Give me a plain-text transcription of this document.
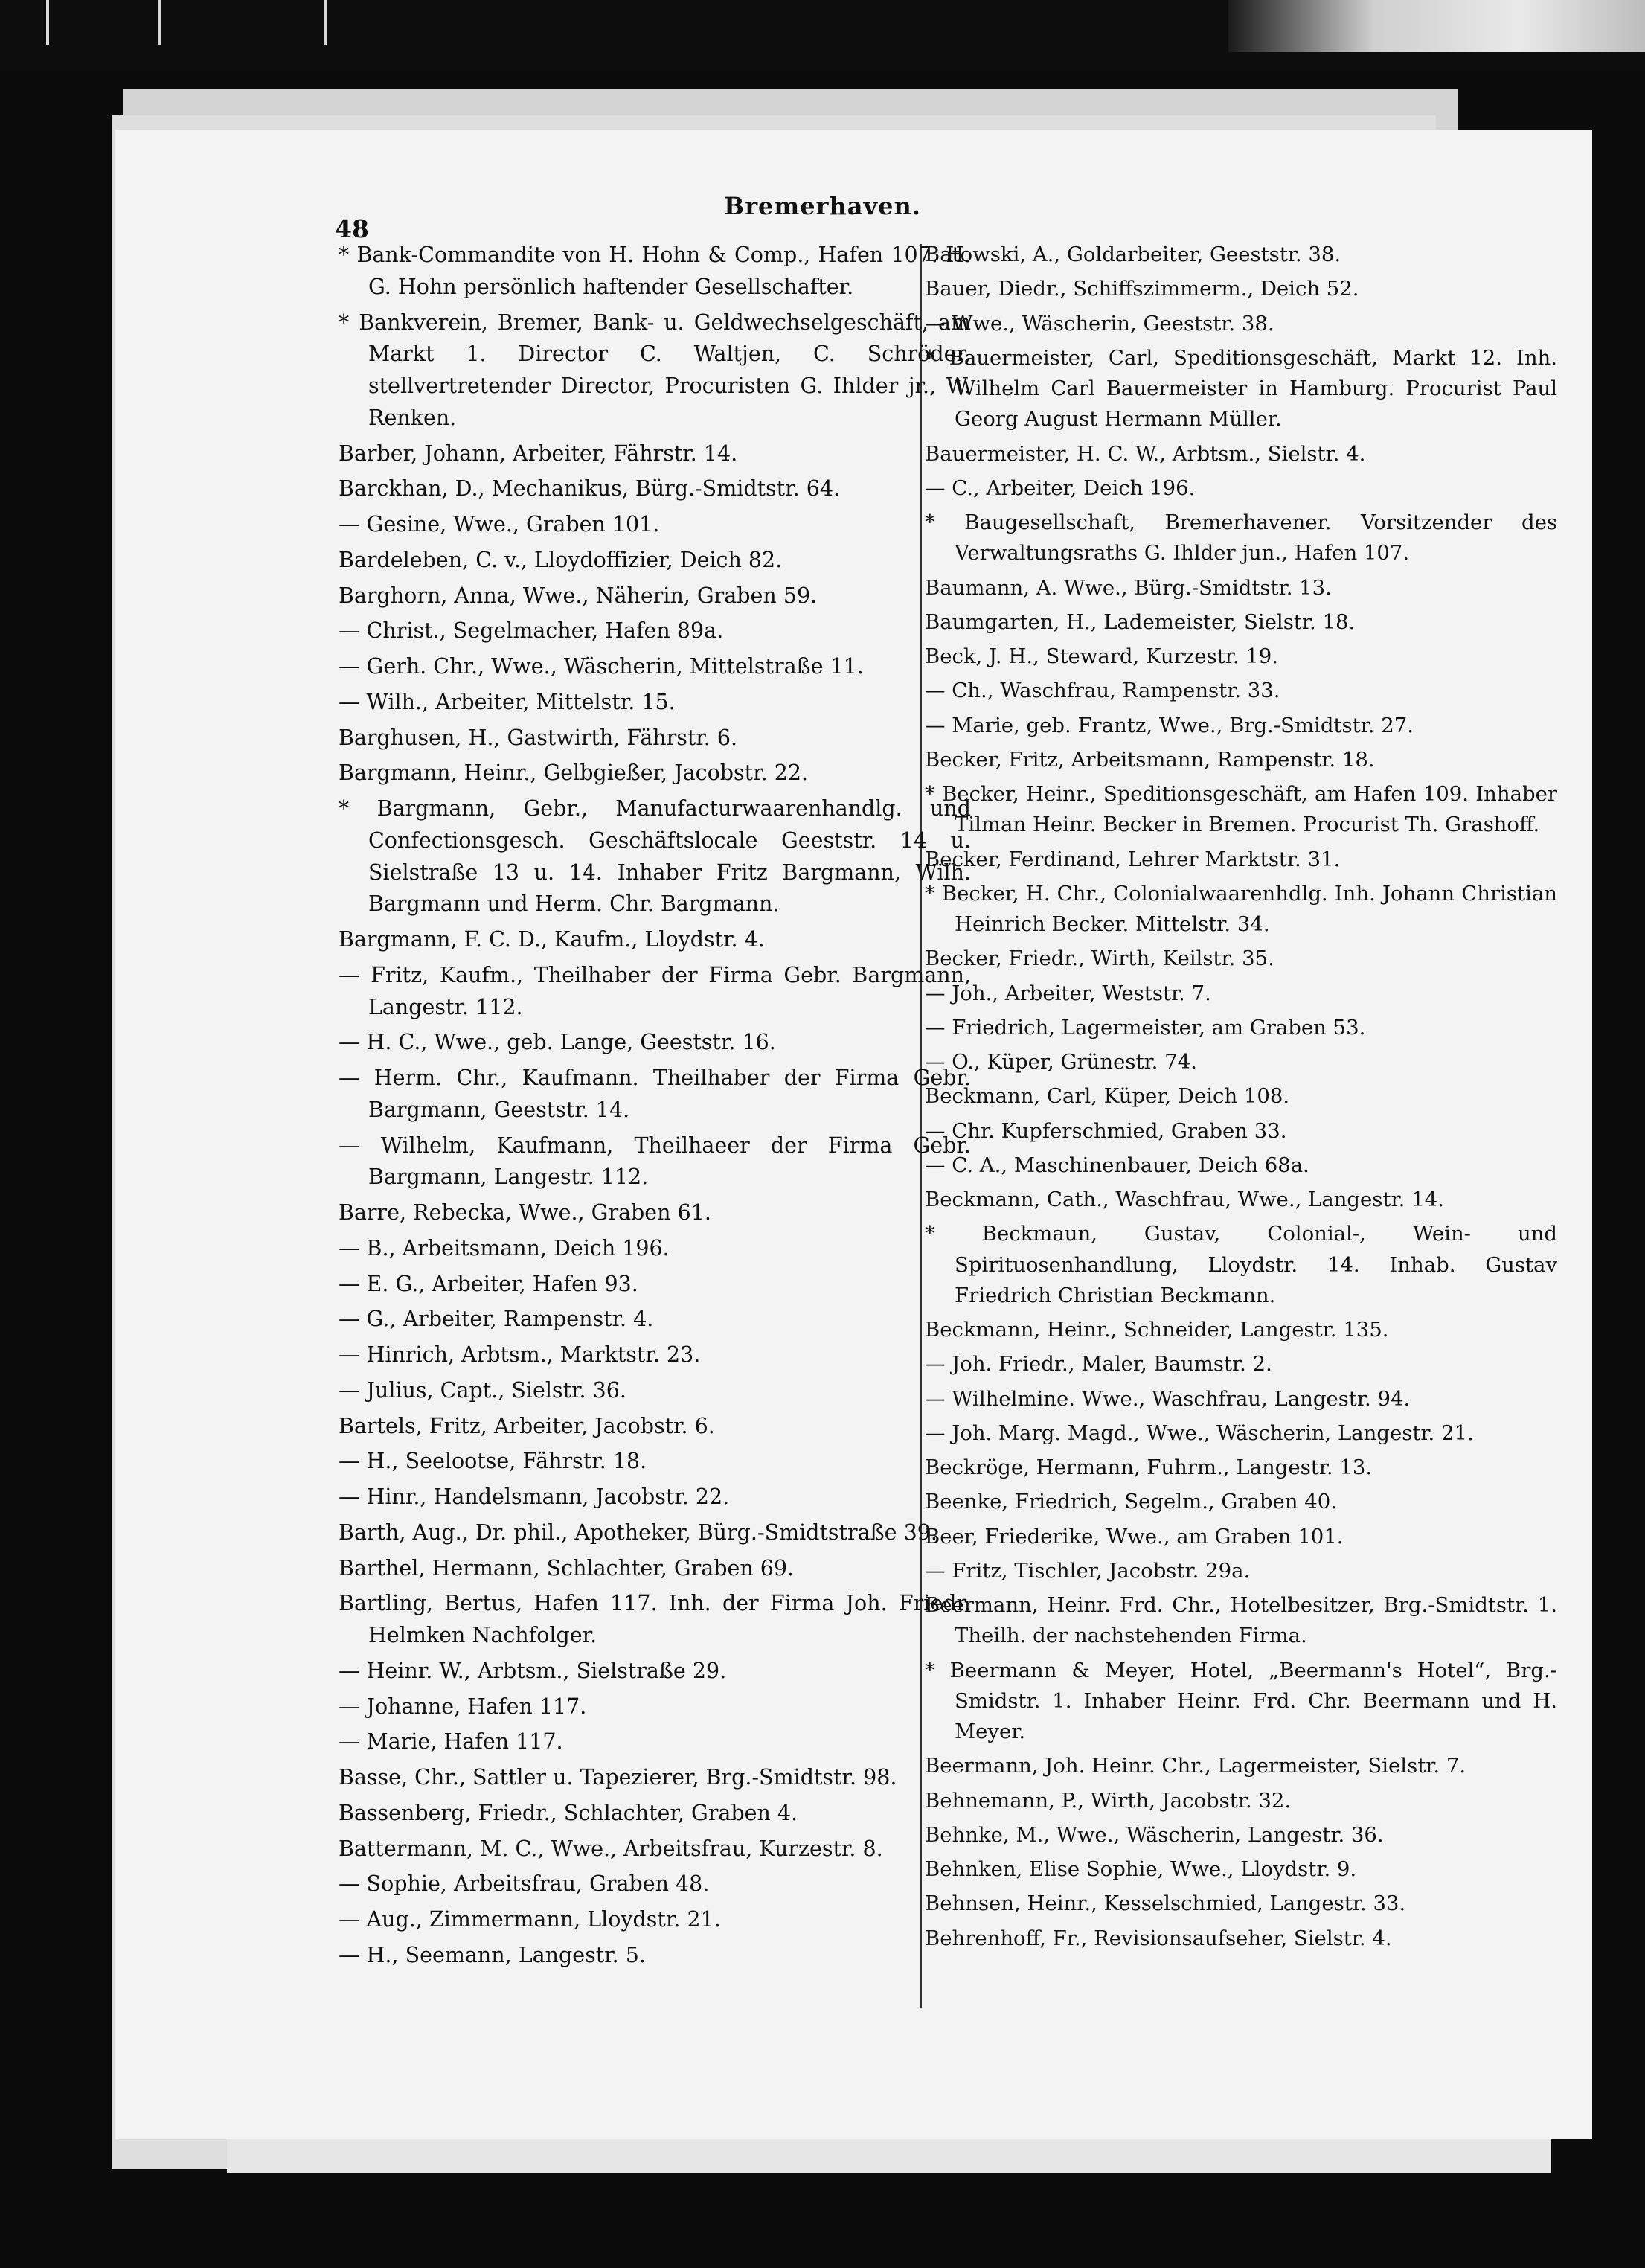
Bremerhaven.
48

* Bank-Commandite von H. Hohn & Comp., Hafen 107. H. G. Hohn persönlich haftender Gesellschafter.

* Bankverein, Bremer, Bank- u. Geldwechselgeschäft, am Markt 1. Director C. Waltjen, C. Schröder, stellvertretender Director, Procuristen G. Ihlder jr., W. Renken.

Barber, Johann, Arbeiter, Fährstr. 14.

Barckhan, D., Mechanikus, Bürg.-Smidtstr. 64.

— Gesine, Wwe., Graben 101.

Bardeleben, C. v., Lloydoffizier, Deich 82.

Barghorn, Anna, Wwe., Näherin, Graben 59.

— Christ., Segelmacher, Hafen 89a.

— Gerh. Chr., Wwe., Wäscherin, Mittelstraße 11.

— Wilh., Arbeiter, Mittelstr. 15.

Barghusen, H., Gastwirth, Fährstr. 6.

Bargmann, Heinr., Gelbgießer, Jacobstr. 22.

* Bargmann, Gebr., Manufacturwaarenhandlg. und Confectionsgesch. Geschäftslocale Geeststr. 14 u. Sielstraße 13 u. 14. Inhaber Fritz Bargmann, Wilh. Bargmann und Herm. Chr. Bargmann.

Bargmann, F. C. D., Kaufm., Lloydstr. 4.

— Fritz, Kaufm., Theilhaber der Firma Gebr. Bargmann, Langestr. 112.

— H. C., Wwe., geb. Lange, Geeststr. 16.

— Herm. Chr., Kaufmann. Theilhaber der Firma Gebr. Bargmann, Geeststr. 14.

— Wilhelm, Kaufmann, Theilhaeer der Firma Gebr. Bargmann, Langestr. 112.

Barre, Rebecka, Wwe., Graben 61.

— B., Arbeitsmann, Deich 196.

— E. G., Arbeiter, Hafen 93.

— G., Arbeiter, Rampenstr. 4.

— Hinrich, Arbtsm., Marktstr. 23.

— Julius, Capt., Sielstr. 36.

Bartels, Fritz, Arbeiter, Jacobstr. 6.

— H., Seelootse, Fährstr. 18.

— Hinr., Handelsmann, Jacobstr. 22.

Barth, Aug., Dr. phil., Apotheker, Bürg.-Smidtstraße 39.

Barthel, Hermann, Schlachter, Graben 69.

Bartling, Bertus, Hafen 117. Inh. der Firma Joh. Friedr. Helmken Nachfolger.

— Heinr. W., Arbtsm., Sielstraße 29.

— Johanne, Hafen 117.

— Marie, Hafen 117.

Basse, Chr., Sattler u. Tapezierer, Brg.-Smidtstr. 98.

Bassenberg, Friedr., Schlachter, Graben 4.

Battermann, M. C., Wwe., Arbeitsfrau, Kurzestr. 8.

— Sophie, Arbeitsfrau, Graben 48.

— Aug., Zimmermann, Lloydstr. 21.

— H., Seemann, Langestr. 5.

Batowski, A., Goldarbeiter, Geeststr. 38.

Bauer, Diedr., Schiffszimmerm., Deich 52.

— Wwe., Wäscherin, Geeststr. 38.

* Bauermeister, Carl, Speditionsgeschäft, Markt 12. Inh. Wilhelm Carl Bauermeister in Hamburg. Procurist Paul Georg August Hermann Müller.

Bauermeister, H. C. W., Arbtsm., Sielstr. 4.

— C., Arbeiter, Deich 196.

* Baugesellschaft, Bremerhavener. Vorsitzender des Verwaltungsraths G. Ihlder jun., Hafen 107.

Baumann, A. Wwe., Bürg.-Smidtstr. 13.

Baumgarten, H., Lademeister, Sielstr. 18.

Beck, J. H., Steward, Kurzestr. 19.

— Ch., Waschfrau, Rampenstr. 33.

— Marie, geb. Frantz, Wwe., Brg.-Smidtstr. 27.

Becker, Fritz, Arbeitsmann, Rampenstr. 18.

* Becker, Heinr., Speditionsgeschäft, am Hafen 109. Inhaber Tilman Heinr. Becker in Bremen. Procurist Th. Grashoff.

Becker, Ferdinand, Lehrer Marktstr. 31.

* Becker, H. Chr., Colonialwaarenhdlg. Inh. Johann Christian Heinrich Becker. Mittelstr. 34.

Becker, Friedr., Wirth, Keilstr. 35.

— Joh., Arbeiter, Weststr. 7.

— Friedrich, Lagermeister, am Graben 53.

— O., Küper, Grünestr. 74.

Beckmann, Carl, Küper, Deich 108.

— Chr. Kupferschmied, Graben 33.

— C. A., Maschinenbauer, Deich 68a.

Beckmann, Cath., Waschfrau, Wwe., Langestr. 14.

* Beckmaun, Gustav, Colonial-, Wein- und Spirituosenhandlung, Lloydstr. 14. Inhab. Gustav Friedrich Christian Beckmann.

Beckmann, Heinr., Schneider, Langestr. 135.

— Joh. Friedr., Maler, Baumstr. 2.

— Wilhelmine. Wwe., Waschfrau, Langestr. 94.

— Joh. Marg. Magd., Wwe., Wäscherin, Langestr. 21.

Beckröge, Hermann, Fuhrm., Langestr. 13.

Beenke, Friedrich, Segelm., Graben 40.

Beer, Friederike, Wwe., am Graben 101.

— Fritz, Tischler, Jacobstr. 29a.

Beermann, Heinr. Frd. Chr., Hotelbesitzer, Brg.-Smidtstr. 1. Theilh. der nachstehenden Firma.

* Beermann & Meyer, Hotel, „Beermann's Hotel“, Brg.-Smidstr. 1. Inhaber Heinr. Frd. Chr. Beermann und H. Meyer.

Beermann, Joh. Heinr. Chr., Lagermeister, Sielstr. 7.

Behnemann, P., Wirth, Jacobstr. 32.

Behnke, M., Wwe., Wäscherin, Langestr. 36.

Behnken, Elise Sophie, Wwe., Lloydstr. 9.

Behnsen, Heinr., Kesselschmied, Langestr. 33.

Behrenhoff, Fr., Revisionsaufseher, Sielstr. 4.
